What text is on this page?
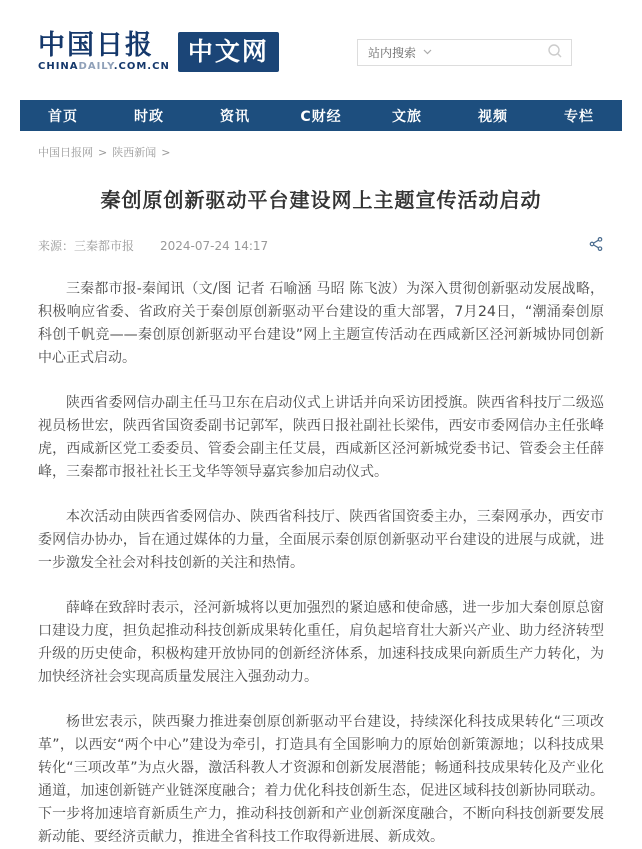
中国日报
CHINADAILY.COM.CN
中文网	站内搜索
首页	时政	资讯	C财经	文旅	视频	专栏
中国日报网 > 陕西新闻 >
秦创原创新驱动平台建设网上主题宣传活动启动
来源：三秦都市报 2024-07-24 14:17

三秦都市报-秦闻讯（文/图 记者 石喻涵 马昭 陈飞波）为深入贯彻创新驱动发展战略，积极响应省委、省政府关于秦创原创新驱动平台建设的重大部署，7月24日，“潮涌秦创原 科创千帆竞——秦创原创新驱动平台建设”网上主题宣传活动在西咸新区泾河新城协同创新中心正式启动。

陕西省委网信办副主任马卫东在启动仪式上讲话并向采访团授旗。陕西省科技厅二级巡视员杨世宏，陕西省国资委副书记郭军，陕西日报社副社长梁伟，西安市委网信办主任张峰虎，西咸新区党工委委员、管委会副主任艾晨，西咸新区泾河新城党委书记、管委会主任薛峰，三秦都市报社社长王戈华等领导嘉宾参加启动仪式。

本次活动由陕西省委网信办、陕西省科技厅、陕西省国资委主办，三秦网承办，西安市委网信办协办，旨在通过媒体的力量，全面展示秦创原创新驱动平台建设的进展与成就，进一步激发全社会对科技创新的关注和热情。

薛峰在致辞时表示，泾河新城将以更加强烈的紧迫感和使命感，进一步加大秦创原总窗口建设力度，担负起推动科技创新成果转化重任，肩负起培育壮大新兴产业、助力经济转型升级的历史使命，积极构建开放协同的创新经济体系，加速科技成果向新质生产力转化，为加快经济社会实现高质量发展注入强劲动力。

杨世宏表示，陕西聚力推进秦创原创新驱动平台建设，持续深化科技成果转化“三项改革”，以西安“两个中心”建设为牵引，打造具有全国影响力的原始创新策源地；以科技成果转化“三项改革”为点火器，激活科教人才资源和创新发展潜能；畅通科技成果转化及产业化通道，加速创新链产业链深度融合；着力优化科技创新生态，促进区域科技创新协同联动。下一步将加速培育新质生产力，推动科技创新和产业创新深度融合，不断向科技创新要发展新动能、要经济贡献力，推进全省科技工作取得新进展、新成效。
